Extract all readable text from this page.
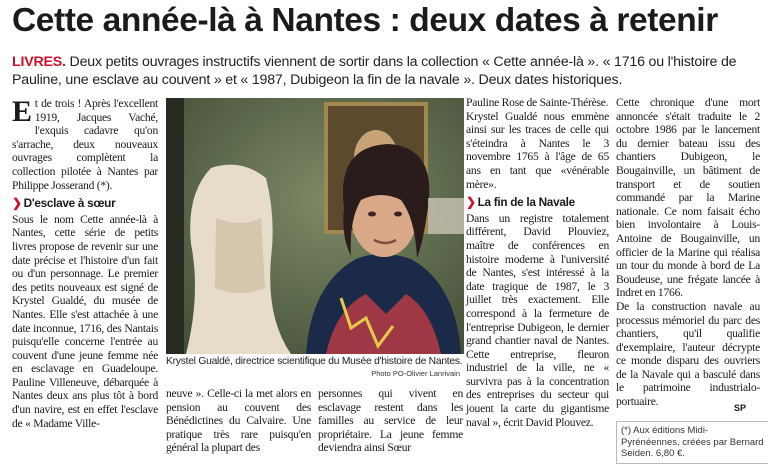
Cette année-là à Nantes : deux dates à retenir
LIVRES. Deux petits ouvrages instructifs viennent de sortir dans la collection « Cette année-là ». « 1716 ou l'histoire de Pauline, une esclave au couvent » et « 1987, Dubigeon la fin de la navale ». Deux dates historiques.

Et de trois ! Après l'excellent 1919, Jacques Vaché, l'exquis cadavre qu'on s'arrache, deux nouveaux ouvrages complètent la collection pilotée à Nantes par Philippe Josserand (*).

❯ D'esclave à sœur

Sous le nom Cette année-là à Nantes, cette série de petits livres propose de revenir sur une date précise et l'histoire d'un fait ou d'un personnage. Le premier des petits nouveaux est signé de Krystel Gualdé, du musée de Nantes. Elle s'est attachée à une date inconnue, 1716, des Nantais puisqu'elle concerne l'entrée au couvent d'une jeune femme née en esclavage en Guadeloupe. Pauline Villeneuve, débarquée à Nantes deux ans plus tôt à bord d'un navire, est en effet l'esclave de « Madame Ville-

Krystel Gualdé, directrice scientifique du Musée d'histoire de Nantes.
Photo PO-Olivier Lanrivain

neuve ». Celle-ci la met alors en pension au couvent des Bénédictines du Calvaire. Une pratique très rare puisqu'en général la plupart des

personnes qui vivent en esclavage restent dans les familles au service de leur propriétaire. La jeune femme deviendra ainsi Sœur

Pauline Rose de Sainte-Thérèse.

Krystel Gualdé nous emmène ainsi sur les traces de celle qui s'éteindra à Nantes le 3 novembre 1765 à l'âge de 65 ans en tant que «vénérable mère».

❯ La fin de la Navale

Dans un registre totalement différent, David Plouviez, maître de conférences en histoire moderne à l'université de Nantes, s'est intéressé à la date tragique de 1987, le 3 juillet très exactement. Elle correspond à la fermeture de l'entreprise Dubigeon, le dernier grand chantier naval de Nantes. Cette entreprise, fleuron industriel de la ville, ne « survivra pas à la concentration des entreprises du secteur qui jouent la carte du gigantisme naval », écrit David Plouvez.

Cette chronique d'une mort annoncée s'était traduite le 2 octobre 1986 par le lancement du dernier bateau issu des chantiers Dubigeon, le Bougainville, un bâtiment de transport et de soutien commandé par la Marine nationale. Ce nom faisait écho bien involontaire à Louis-Antoine de Bougainville, un officier de la Marine qui réalisa un tour du monde à bord de La Boudeuse, une frégate lancée à Indret en 1766.

De la construction navale au processus mémoriel du parc des chantiers, qu'il qualifie d'exemplaire, l'auteur décrypte ce monde disparu des ouvriers de la Navale qui a basculé dans le patrimoine industrialo-portuaire.	SP
(*) Aux éditions Midi-Pyrénéennes, créées par Bernard Seiden. 6,80 €.
